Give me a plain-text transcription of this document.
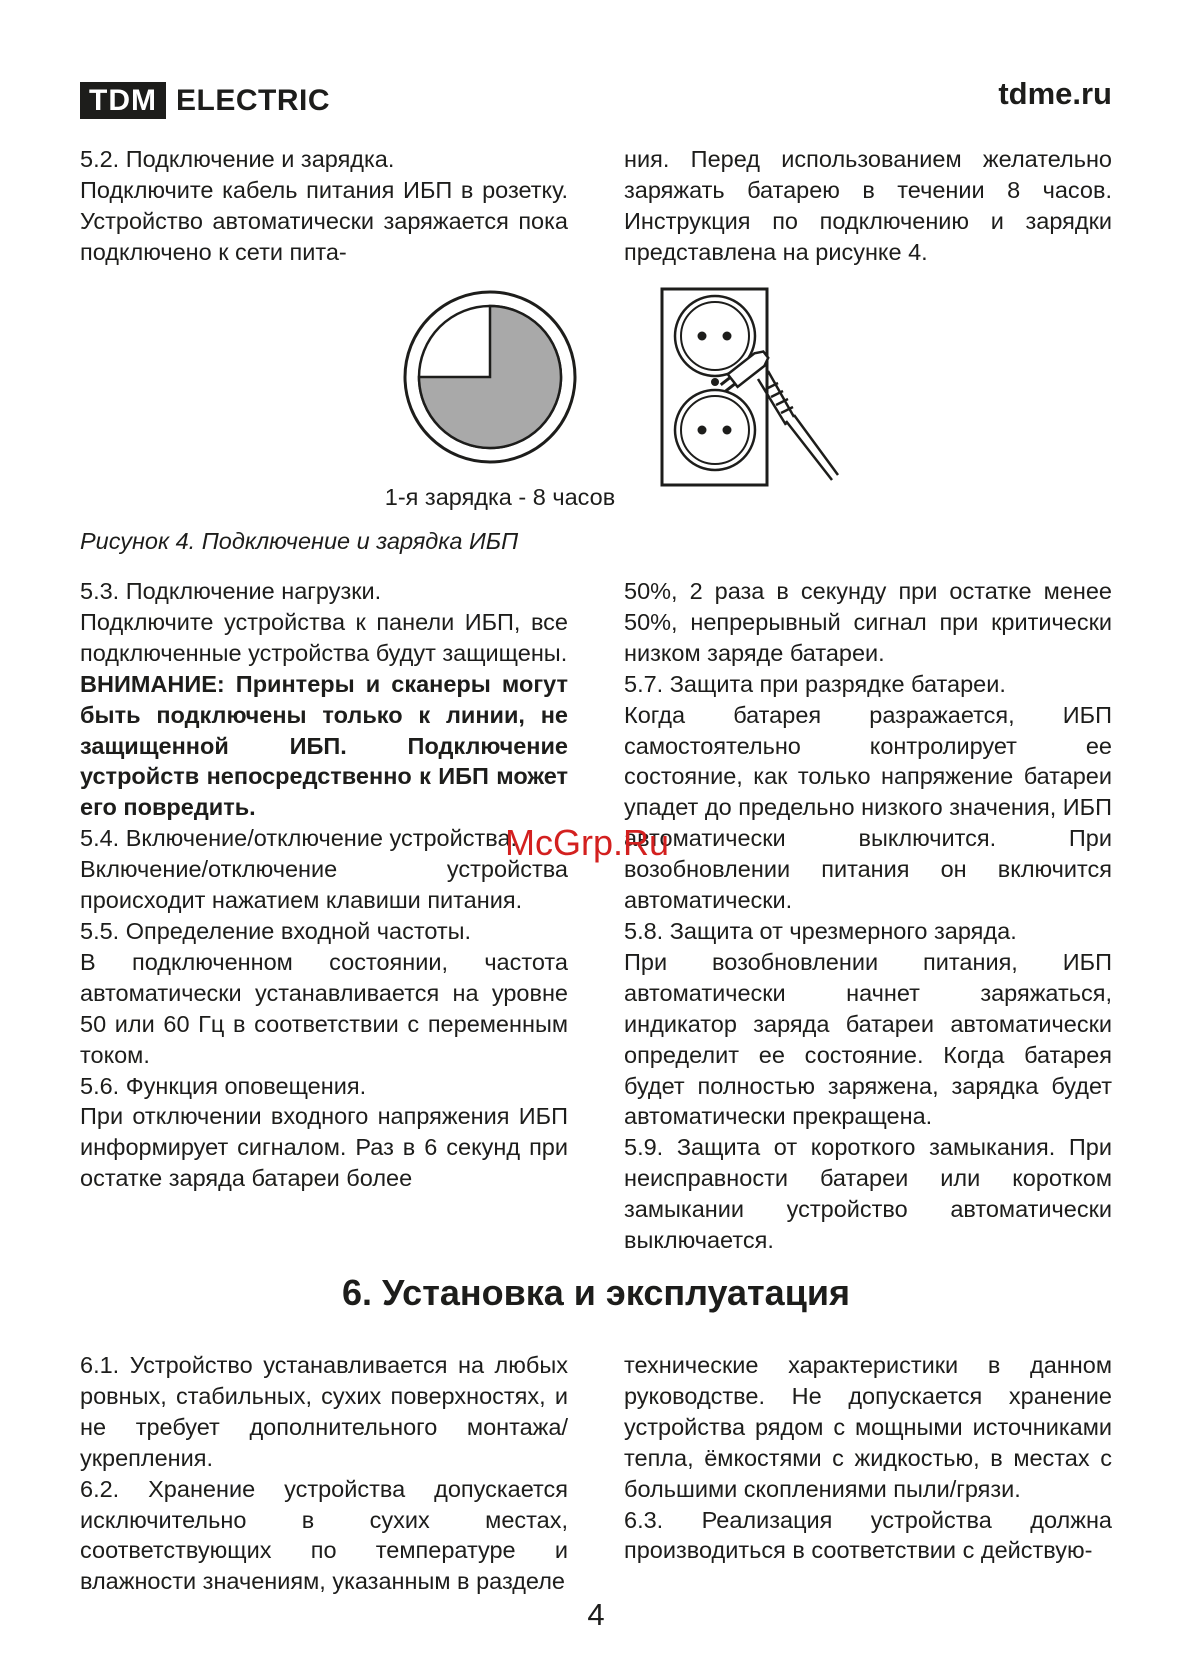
TDM ELECTRIC	tdme.ru

5.2. Подключение и зарядка.

Подключите кабель питания ИБП в розетку. Устройство автоматически заряжается пока подключено к сети пита-

ния. Перед использованием желательно заряжать батарею в течении 8 часов. Инструкция по подключению и зарядки представлена на рисунке 4.

1-я зарядка - 8 часов
Рисунок 4. Подключение и зарядка ИБП

5.3. Подключение нагрузки.

Подключите устройства к панели ИБП, все подключенные устройства будут защищены.

ВНИМАНИЕ: Принтеры и сканеры могут быть подключены только к линии, не защищенной ИБП. Подключение устройств непосредственно к ИБП может его повредить.

5.4. Включение/отключение устройства.

Включение/отключение устройства происходит нажатием клавиши питания.

5.5. Определение входной частоты.

В подключенном состоянии, частота автоматически устанавливается на уровне 50 или 60 Гц в соответствии с переменным током.

5.6. Функция оповещения.

При отключении входного напряжения ИБП информирует сигналом. Раз в 6 секунд при остатке заряда батареи более

50%, 2 раза в секунду при остатке менее 50%, непрерывный сигнал при критически низком заряде батареи.

5.7. Защита при разрядке батареи.

Когда батарея разражается, ИБП самостоятельно контролирует ее состояние, как только напряжение батареи упадет до предельно низкого значения, ИБП автоматически выключится. При возобновлении питания он включится автоматически.

5.8. Защита от чрезмерного заряда.

При возобновлении питания, ИБП автоматически начнет заряжаться, индикатор заряда батареи автоматически определит ее состояние. Когда батарея будет полностью заряжена, зарядка будет автоматически прекращена.

5.9. Защита от короткого замыкания. При неисправности батареи или коротком замыкании устройство автоматически выключается.

McGrp.Ru
6. Установка и эксплуатация

6.1. Устройство устанавливается на любых ровных, стабильных, сухих поверхностях, и не требует дополнительного монтажа/укрепления.

6.2. Хранение устройства допускается исключительно в сухих местах, соответствующих по температуре и влажности значениям, указанным в разделе

технические характеристики в данном руководстве. Не допускается хранение устройства рядом с мощными источниками тепла, ёмкостями с жидкостью, в местах с большими скоплениями пыли/грязи.

6.3. Реализация устройства должна производиться в соответствии с действую-

4
